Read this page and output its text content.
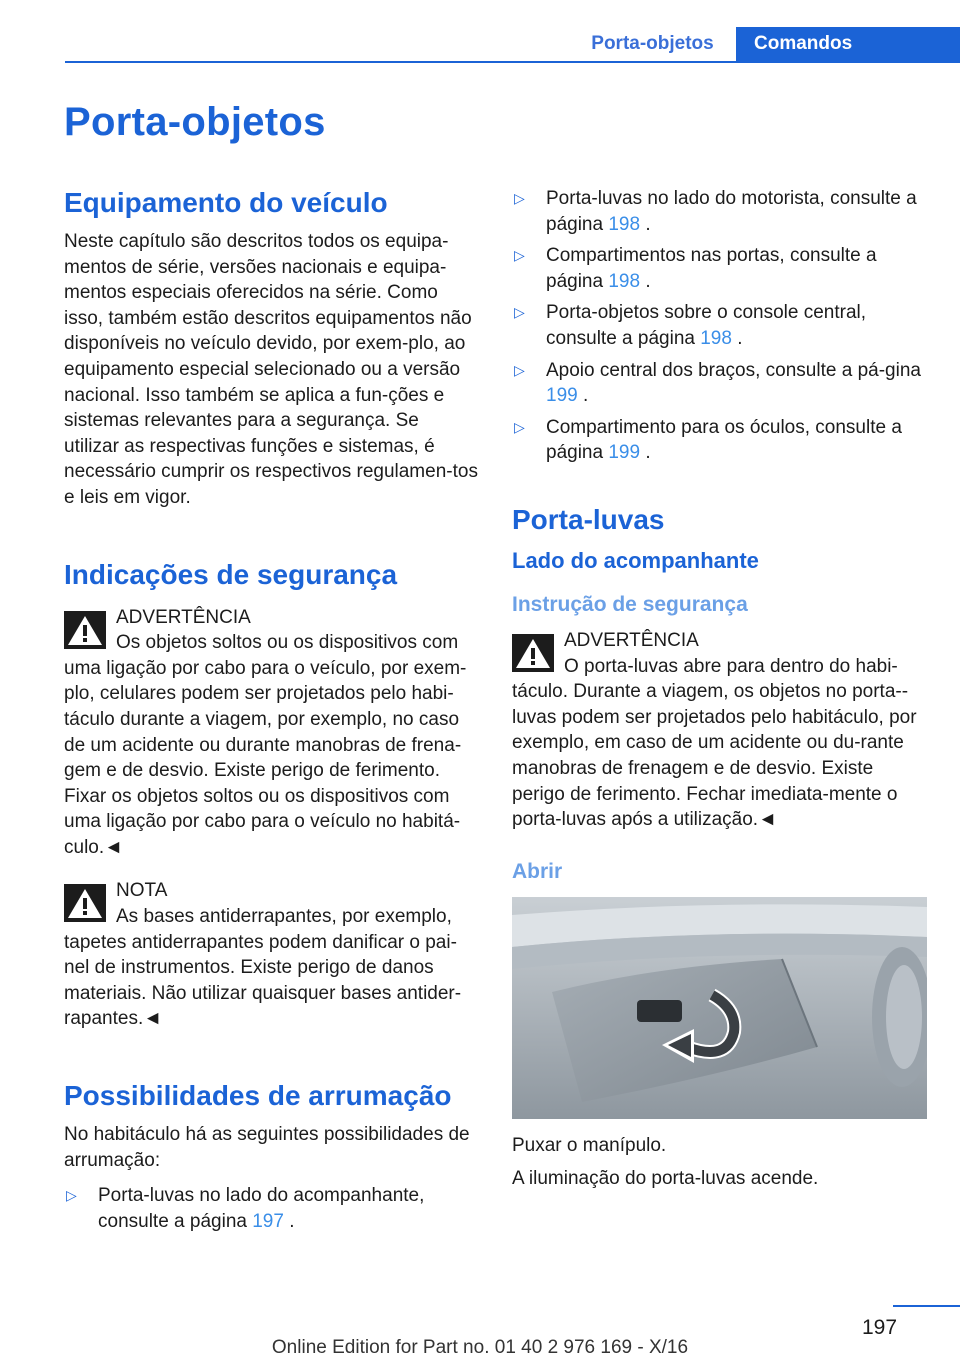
Porta-objetos	Comandos
Porta-objetos
Equipamento do veículo

Neste capítulo são descritos todos os equipa-mentos de série, versões nacionais e equipa-mentos especiais oferecidos na série. Como isso, também estão descritos equipamentos não disponíveis no veículo devido, por exem-plo, ao equipamento especial selecionado ou a versão nacional. Isso também se aplica a fun-ções e sistemas relevantes para a segurança. Se utilizar as respectivas funções e sistemas, é necessário cumprir os respectivos regulamen-tos e leis em vigor.

Indicações de segurança
ADVERTÊNCIA
Os objetos soltos ou os dispositivos com

uma ligação por cabo para o veículo, por exem-plo, celulares podem ser projetados pelo habi-táculo durante a viagem, por exemplo, no caso de um acidente ou durante manobras de frena-gem e de desvio. Existe perigo de ferimento. Fixar os objetos soltos ou os dispositivos com uma ligação por cabo para o veículo no habitá-culo.◄

NOTA
As bases antiderrapantes, por exemplo,

tapetes antiderrapantes podem danificar o pai-nel de instrumentos. Existe perigo de danos materiais. Não utilizar quaisquer bases antider-rapantes.◄

Possibilidades de arrumação

No habitáculo há as seguintes possibilidades de arrumação:

▷ Porta-luvas no lado do acompanhante, consulte a página 197 .
▷ Porta-luvas no lado do motorista, consulte a página 198 .
▷ Compartimentos nas portas, consulte a página 198 .
▷ Porta-objetos sobre o console central, consulte a página 198 .
▷ Apoio central dos braços, consulte a pá-gina 199 .
▷ Compartimento para os óculos, consulte a página 199 .
Porta-luvas
Lado do acompanhante
Instrução de segurança
ADVERTÊNCIA
O porta-luvas abre para dentro do habi-

táculo. Durante a viagem, os objetos no porta--luvas podem ser projetados pelo habitáculo, por exemplo, em caso de um acidente ou du-rante manobras de frenagem e de desvio. Existe perigo de ferimento. Fechar imediata-mente o porta-luvas após a utilização.◄

Abrir

Puxar o manípulo.

A iluminação do porta-luvas acende.

197
Online Edition for Part no. 01 40 2 976 169 - X/16
